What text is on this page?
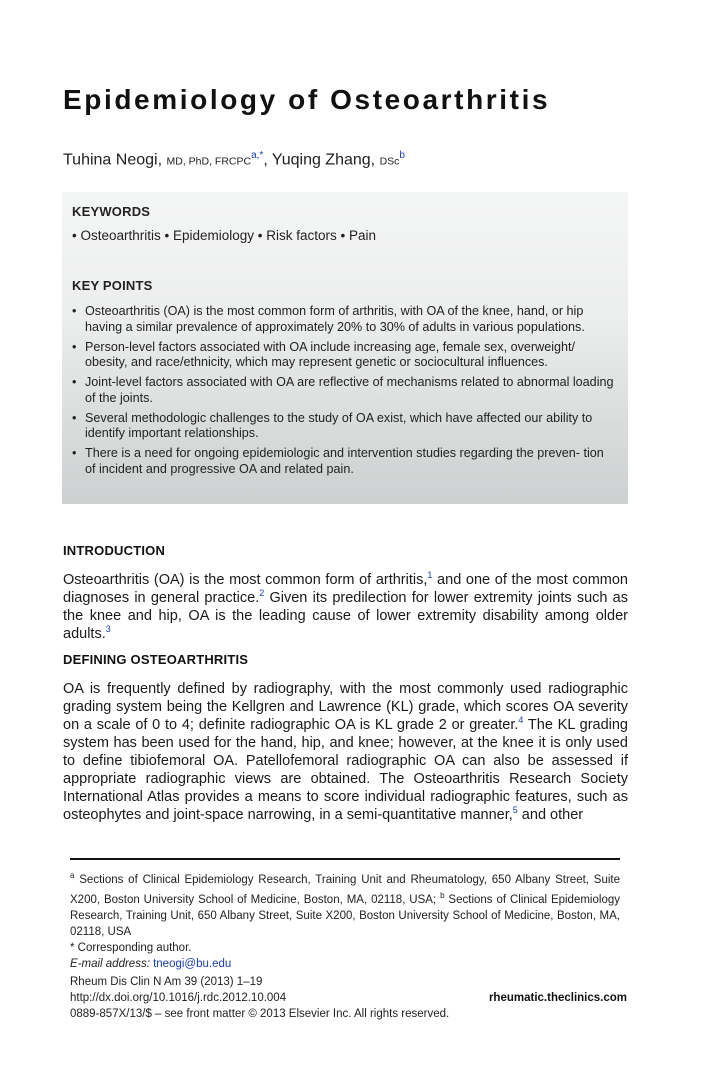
Epidemiology of Osteoarthritis
Tuhina Neogi, MD, PhD, $FRCPC^{a,*}$, Yuqing Zhang, DSc$^b$
KEYWORDS
• Osteoarthritis • Epidemiology • Risk factors • Pain
KEY POINTS
• Osteoarthritis (OA) is the most common form of arthritis, with OA of the knee, hand, or hip having a similar prevalence of approximately 20% to 30% of adults in various populations.
• Person-level factors associated with OA include increasing age, female sex, overweight/ obesity, and race/ethnicity, which may represent genetic or sociocultural influences.
• Joint-level factors associated with OA are reflective of mechanisms related to abnormal loading of the joints.
• Several methodologic challenges to the study of OA exist, which have affected our ability to identify important relationships.
• There is a need for ongoing epidemiologic and intervention studies regarding the preven- tion of incident and progressive OA and related pain.
INTRODUCTION

Osteoarthritis (OA) is the most common form of arthritis,$^1$ and one of the most common diagnoses in general practice.$^2$ Given its predilection for lower extremity joints such as the knee and hip, OA is the leading cause of lower extremity disability among older adults.$^3$

DEFINING OSTEOARTHRITIS

OA is frequently defined by radiography, with the most commonly used radiographic grading system being the Kellgren and Lawrence (KL) grade, which scores OA severity on a scale of 0 to 4; definite radiographic OA is KL grade 2 or greater.$^4$ The KL grading system has been used for the hand, hip, and knee; however, at the knee it is only used to define tibiofemoral OA. Patellofemoral radiographic OA can also be assessed if appropriate radiographic views are obtained. The Osteoarthritis Research Society International Atlas provides a means to score individual radiographic features, such as osteophytes and joint-space narrowing, in a semi-quantitative manner,$^5$ and other

$^a$ Sections of Clinical Epidemiology Research, Training Unit and Rheumatology, 650 Albany Street, Suite X200, Boston University School of Medicine, Boston, MA, 02118, USA; $^b$ Sections of Clinical Epidemiology Research, Training Unit, 650 Albany Street, Suite X200, Boston University School of Medicine, Boston, MA, 02118, USA
* Corresponding author.
E-mail address: tneogi@bu.edu
Rheum Dis Clin N Am 39 (2013) 1–19
http://dx.doi.org/10.1016/j.rdc.2012.10.004	rheumatic.theclinics.com
0889-857X/13/$ – see front matter © 2013 Elsevier Inc. All rights reserved.
